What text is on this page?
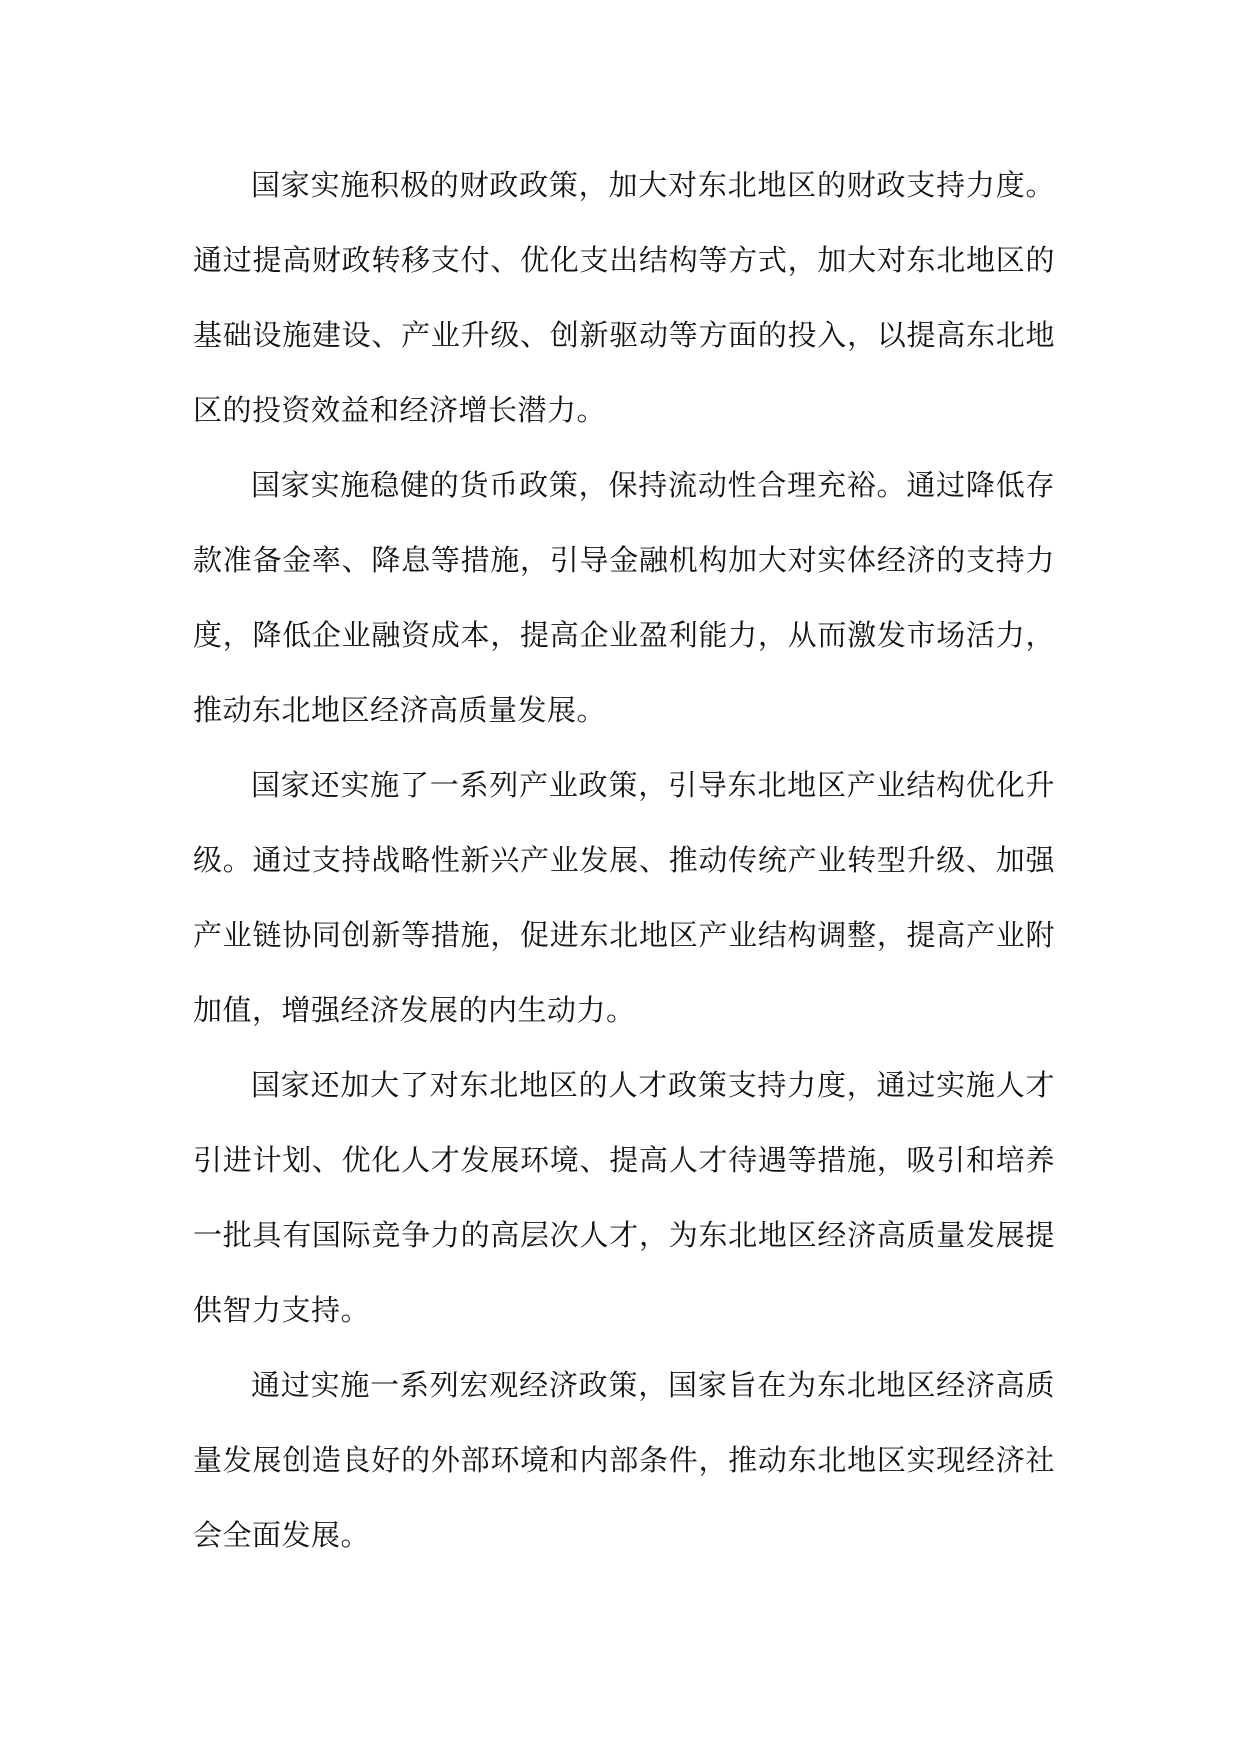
国家实施积极的财政政策，加大对东北地区的财政支持力度。通过提高财政转移支付、优化支出结构等方式，加大对东北地区的基础设施建设、产业升级、创新驱动等方面的投入，以提高东北地区的投资效益和经济增长潜力。

国家实施稳健的货币政策，保持流动性合理充裕。通过降低存款准备金率、降息等措施，引导金融机构加大对实体经济的支持力度，降低企业融资成本，提高企业盈利能力，从而激发市场活力，推动东北地区经济高质量发展。

国家还实施了一系列产业政策，引导东北地区产业结构优化升级。通过支持战略性新兴产业发展、推动传统产业转型升级、加强产业链协同创新等措施，促进东北地区产业结构调整，提高产业附加值，增强经济发展的内生动力。

国家还加大了对东北地区的人才政策支持力度，通过实施人才引进计划、优化人才发展环境、提高人才待遇等措施，吸引和培养一批具有国际竞争力的高层次人才，为东北地区经济高质量发展提供智力支持。

通过实施一系列宏观经济政策，国家旨在为东北地区经济高质量发展创造良好的外部环境和内部条件，推动东北地区实现经济社会全面发展。
